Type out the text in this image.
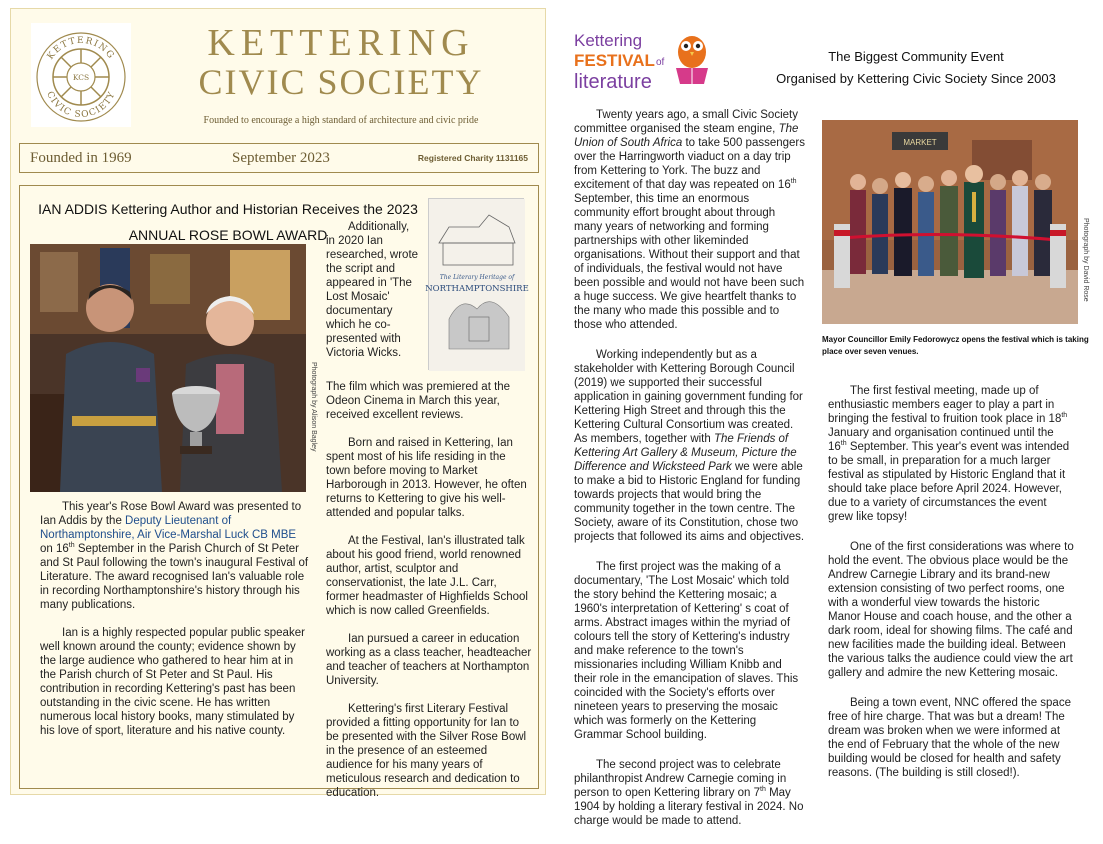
KETTERING
CIVIC SOCIETY
KCS
KETTERING
CIVIC SOCIETY
Founded to encourage a high standard of architecture and civic pride
Founded in 1969	September 2023	Registered Charity 1131165
IAN ADDIS Kettering Author and Historian Receives the 2023
ANNUAL ROSE BOWL AWARD
Photograph by Alison Bagley
The Literary Heritage of
NORTHAMPTONSHIRE

Additionally, in 2020 Ian researched, wrote the script and appeared in 'The Lost Mosaic' documentary which he co-presented with Victoria Wicks.

The film which was premiered at the Odeon Cinema in March this year, received excellent reviews.

Born and raised in Kettering, Ian spent most of his life residing in the town before moving to Market Harborough in 2013. However, he often returns to Kettering to give his well-attended and popular talks.

At the Festival, Ian's illustrated talk about his good friend, world renowned author, artist, sculptor and conservationist, the late J.L. Carr, former headmaster of Highfields School which is now called Greenfields.

Ian pursued a career in education working as a class teacher, headteacher and teacher of teachers at Northampton University.

Kettering's first Literary Festival provided a fitting opportunity for Ian to be presented with the Silver Rose Bowl in the presence of an esteemed audience for his many years of meticulous research and dedication to education.

This year's Rose Bowl Award was presented to Ian Addis by the Deputy Lieutenant of Northamptonshire, Air Vice-Marshal Luck CB MBE on 16th September in the Parish Church of St Peter and St Paul following the town's inaugural Festival of Literature. The award recognised Ian's valuable role in recording Northamptonshire's history through his many publications.

Ian is a highly respected popular public speaker well known around the county; evidence shown by the large audience who gathered to hear him at in the Parish church of St Peter and St Paul. His contribution in recording Kettering's past has been outstanding in the civic scene. He has written numerous local history books, many stimulated by his love of sport, literature and his native county.

Kettering
FESTIVAL of
literature
The Biggest Community Event
Organised by Kettering Civic Society Since 2003
MARKET
Photograph by David Rose
Mayor Councillor Emily Fedorowycz opens the festival which is taking place over seven venues.

Twenty years ago, a small Civic Society committee organised the steam engine, The Union of South Africa to take 500 passengers over the Harringworth viaduct on a day trip from Kettering to York. The buzz and excitement of that day was repeated on 16th September, this time an enormous community effort brought about through many years of networking and forming partnerships with other likeminded organisations. Without their support and that of individuals, the festival would not have been possible and would not have been such a huge success. We give heartfelt thanks to the many who made this possible and to those who attended.

Working independently but as a stakeholder with Kettering Borough Council (2019) we supported their successful application in gaining government funding for Kettering High Street and through this the Kettering Cultural Consortium was created. As members, together with The Friends of Kettering Art Gallery & Museum, Picture the Difference and Wicksteed Park we were able to make a bid to Historic England for funding towards projects that would bring the community together in the town centre. The Society, aware of its Constitution, chose two projects that followed its aims and objectives.

The first project was the making of a documentary, 'The Lost Mosaic' which told the story behind the Kettering mosaic; a 1960's interpretation of Kettering' s coat of arms. Abstract images within the myriad of colours tell the story of Kettering's industry and make reference to the town's missionaries including William Knibb and their role in the emancipation of slaves. This coincided with the Society's efforts over nineteen years to preserving the mosaic which was formerly on the Kettering Grammar School building.

The second project was to celebrate philanthropist Andrew Carnegie coming in person to open Kettering library on 7th May 1904 by holding a literary festival in 2024. No charge would be made to attend.

The first festival meeting, made up of enthusiastic members eager to play a part in bringing the festival to fruition took place in 18th January and organisation continued until the 16th September. This year's event was intended to be small, in preparation for a much larger festival as stipulated by Historic England that it should take place before April 2024. However, due to a variety of circumstances the event grew like topsy!

One of the first considerations was where to hold the event. The obvious place would be the Andrew Carnegie Library and its brand-new extension consisting of two perfect rooms, one with a wonderful view towards the historic Manor House and coach house, and the other a dark room, ideal for showing films. The café and new facilities made the building ideal. Between the various talks the audience could view the art gallery and admire the new Kettering mosaic.

Being a town event, NNC offered the space free of hire charge. That was but a dream! The dream was broken when we were informed at the end of February that the whole of the new building would be closed for health and safety reasons. (The building is still closed!).
